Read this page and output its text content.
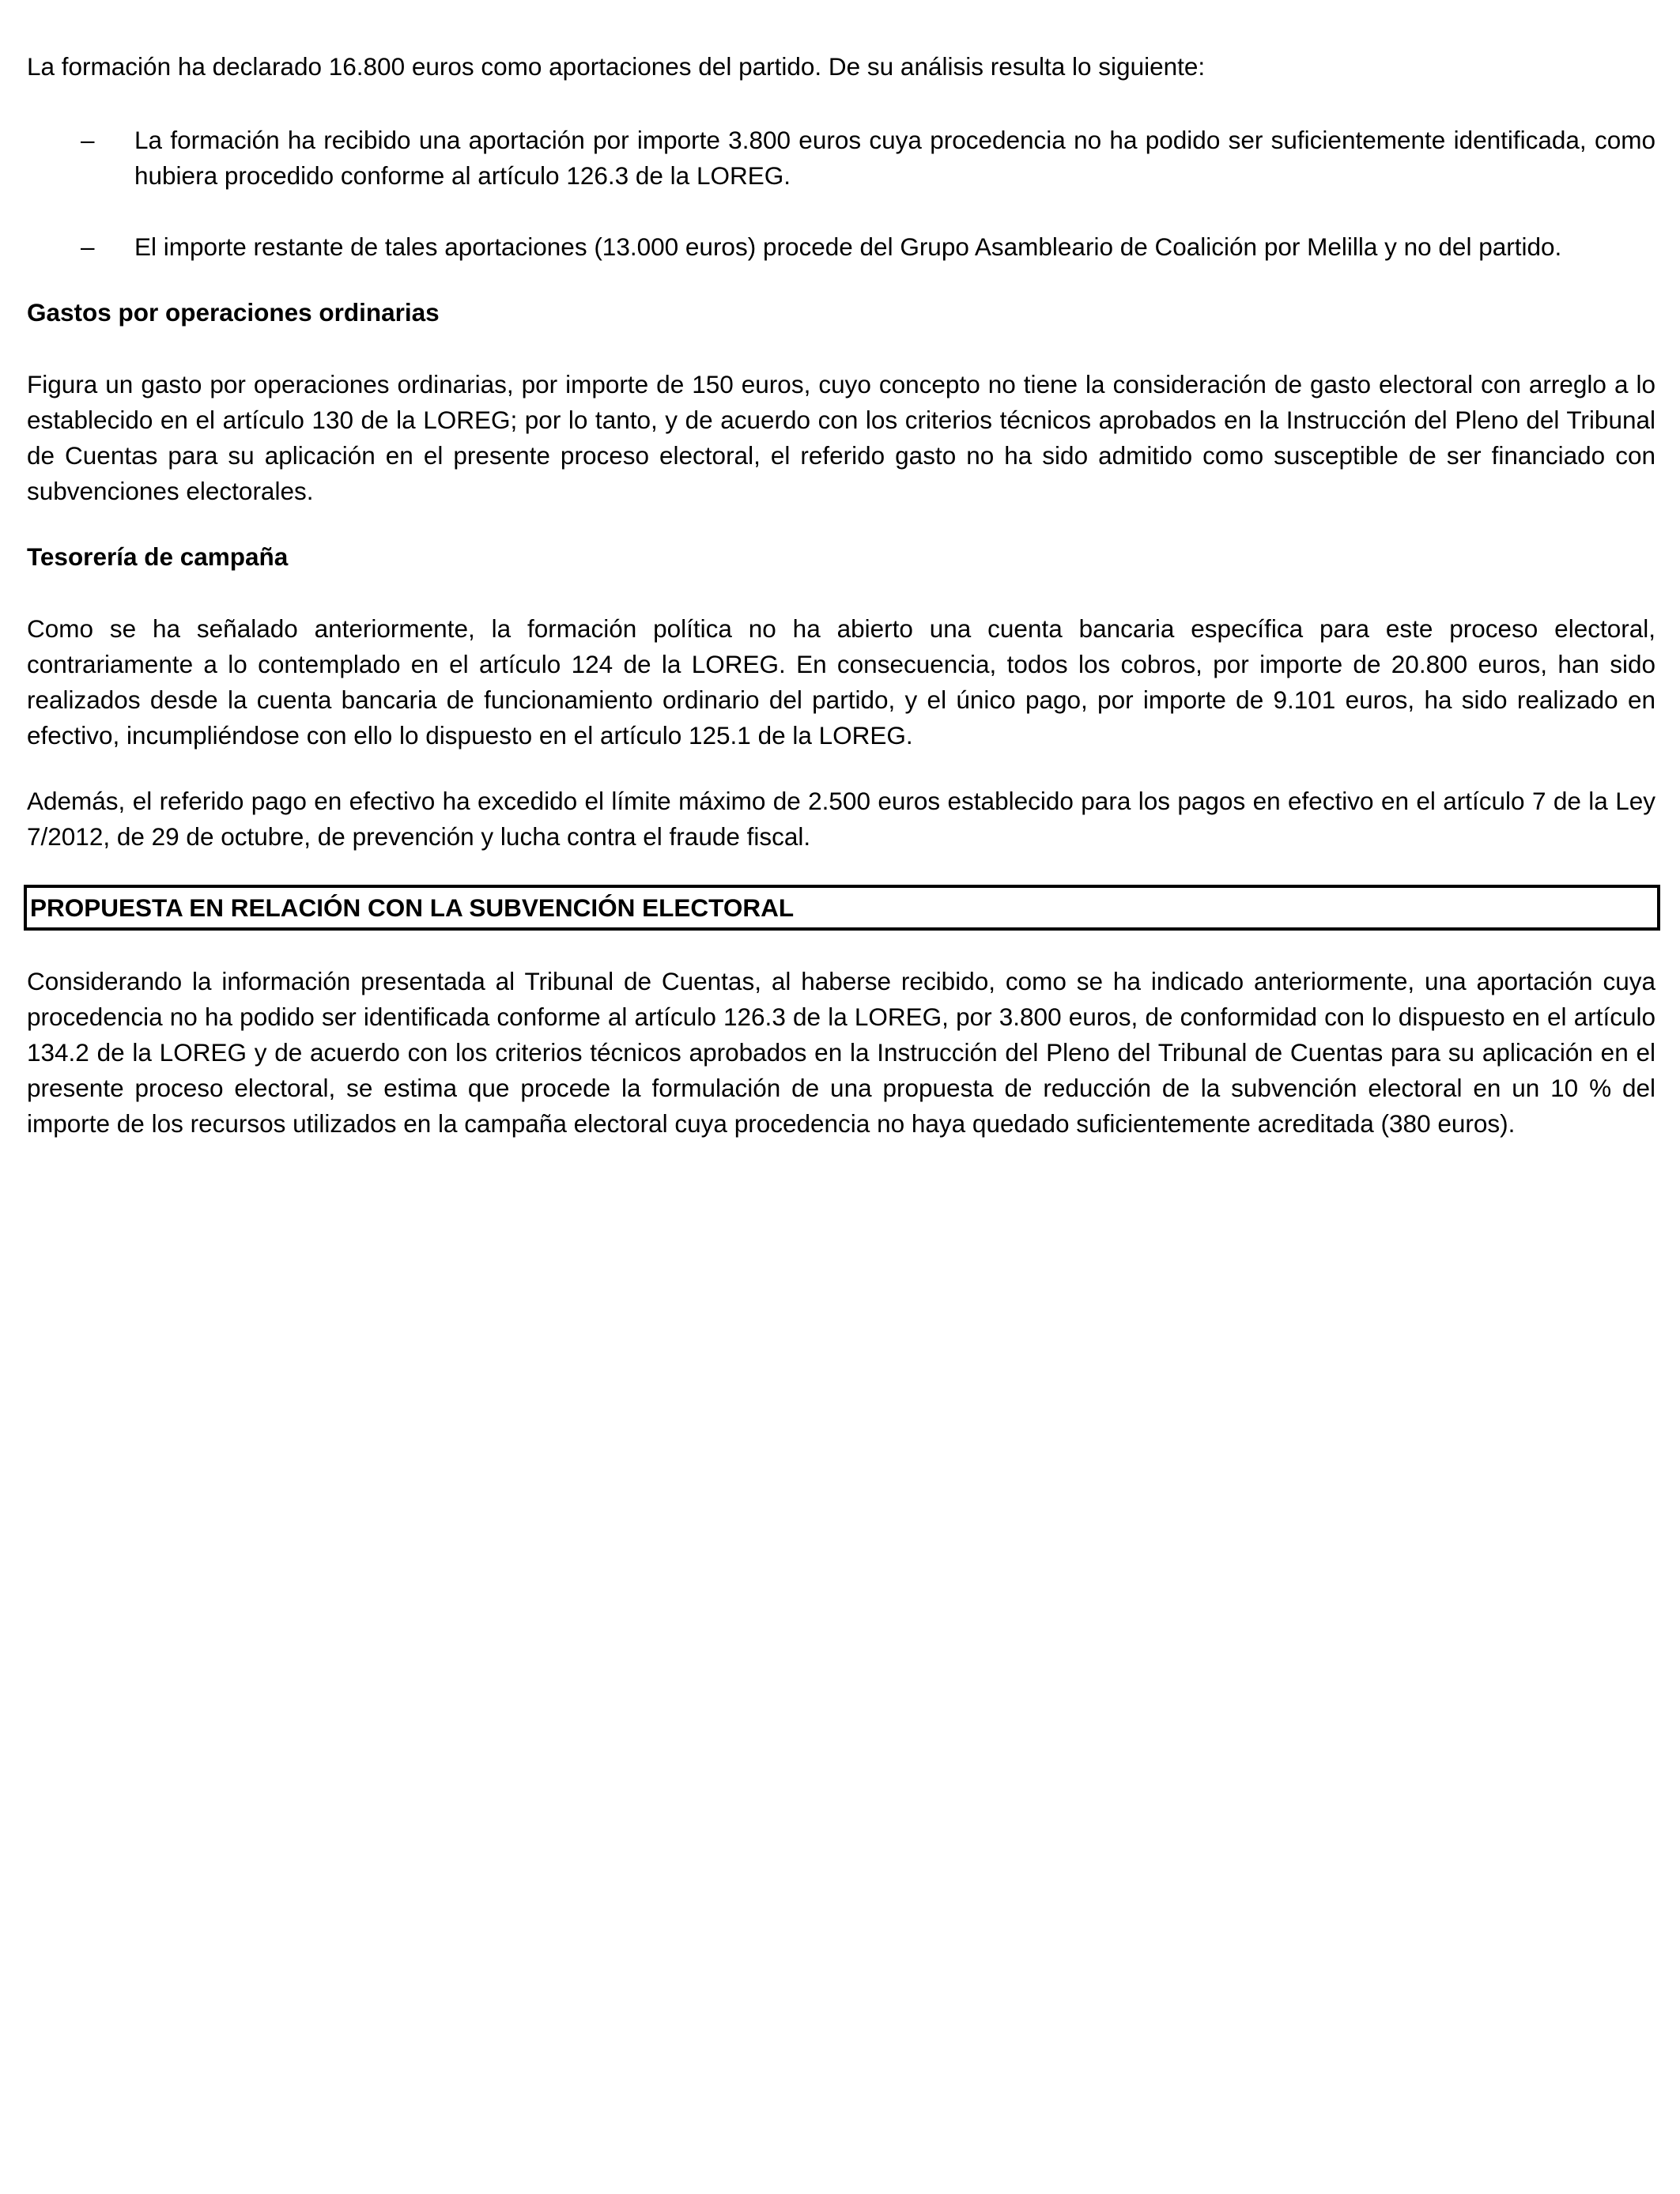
La formación ha declarado 16.800 euros como aportaciones del partido. De su análisis resulta lo siguiente:

–	La formación ha recibido una aportación por importe 3.800 euros cuya procedencia no ha podido ser suficientemente identificada, como hubiera procedido conforme al artículo 126.3 de la LOREG.
–	El importe restante de tales aportaciones (13.000 euros) procede del Grupo Asambleario de Coalición por Melilla y no del partido.
Gastos por operaciones ordinarias

Figura un gasto por operaciones ordinarias, por importe de 150 euros, cuyo concepto no tiene la consideración de gasto electoral con arreglo a lo establecido en el artículo 130 de la LOREG; por lo tanto, y de acuerdo con los criterios técnicos aprobados en la Instrucción del Pleno del Tribunal de Cuentas para su aplicación en el presente proceso electoral, el referido gasto no ha sido admitido como susceptible de ser financiado con subvenciones electorales.

Tesorería de campaña

Como se ha señalado anteriormente, la formación política no ha abierto una cuenta bancaria específica para este proceso electoral, contrariamente a lo contemplado en el artículo 124 de la LOREG. En consecuencia, todos los cobros, por importe de 20.800 euros, han sido realizados desde la cuenta bancaria de funcionamiento ordinario del partido, y el único pago, por importe de 9.101 euros, ha sido realizado en efectivo, incumpliéndose con ello lo dispuesto en el artículo 125.1 de la LOREG.

Además, el referido pago en efectivo ha excedido el límite máximo de 2.500 euros establecido para los pagos en efectivo en el artículo 7 de la Ley 7/2012, de 29 de octubre, de prevención y lucha contra el fraude fiscal.

PROPUESTA EN RELACIÓN CON LA SUBVENCIÓN ELECTORAL

Considerando la información presentada al Tribunal de Cuentas, al haberse recibido, como se ha indicado anteriormente, una aportación cuya procedencia no ha podido ser identificada conforme al artículo 126.3 de la LOREG, por 3.800 euros, de conformidad con lo dispuesto en el artículo 134.2 de la LOREG y de acuerdo con los criterios técnicos aprobados en la Instrucción del Pleno del Tribunal de Cuentas para su aplicación en el presente proceso electoral, se estima que procede la formulación de una propuesta de reducción de la subvención electoral en un 10 % del importe de los recursos utilizados en la campaña electoral cuya procedencia no haya quedado suficientemente acreditada (380 euros).
